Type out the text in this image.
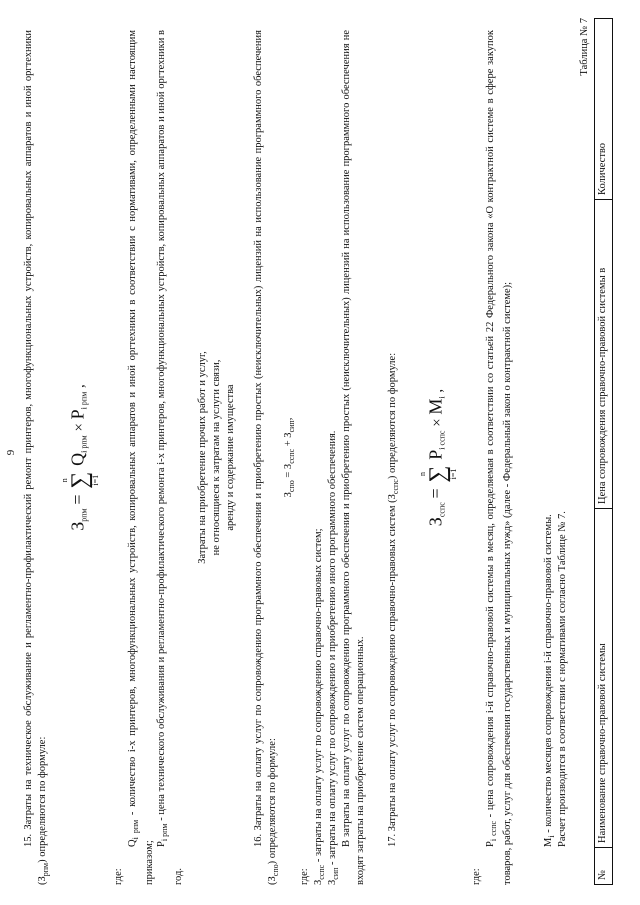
9 15. Затраты на техническое обслуживание и регламентно-профилактический ремонт принтеров, многофункциональных устройств, копировальных аппаратов и иной оргтехники $(З_{рпм})$ определяются по формуле:
$З_{рпм}$ =
n
∑
i=1
$Q_{i рпм} \times P_{i рпм}$ ,
где:
$Q_{i рпм}$ - количество i-х принтеров, многофункциональных устройств, копировальных аппаратов и иной оргтехники в соответствии с нормативами, определенными настоящим приказом; $P_{i рпм}$ - цена технического обслуживания и регламентно-профилактического ремонта i-х принтеров, многофункциональных устройств, копировальных аппаратов и иной оргтехники в год.
Затраты на приобретение прочих работ и услуг, не относящиеся к затратам на услуги связи, аренду и содержание имущества 16. Затраты на оплату услуг по сопровождению программного обеспечения и приобретению простых (неисключительных) лицензий на использование программного обеспечения $(З_{спо})$ определяются по формуле:
$З_{спо} = З_{сспс} + З_{сип}$,
где: $З_{сспс}$ - затраты на оплату услуг по сопровождению справочно-правовых систем;
$З_{сип}$ - затраты на оплату услуг по сопровождению и приобретению иного программного обеспечения. В затраты на оплату услуг по сопровождению программного обеспечения и приобретению простых (неисключительных) лицензий на использование программного обеспечения не входят затраты на приобретение систем операционных. 17. Затраты на оплату услуг по сопровождению справочно-правовых систем $(З_{сспс})$ определяются по формуле:
$З_{сспс}$ =
n
∑
i=1
$P_{i сспс} \times M_i$ ,
где:
$P_{i сспс}$ - цена сопровождения i-й справочно-правовой системы в месяц, определяемая в соответствии со статьей 22 Федерального закона «О контрактной системе в сфере закупок товаров, работ, услуг для обеспечения государственных и муниципальных нужд» (далее - Федеральный закон о контрактной системе);	$M_i$ - количество месяцев сопровождения i-й справочно-правовой системы. Расчет производится в соответствии с нормативами согласно Таблице № 7.
Таблица № 7
№	Наименование справочно-правовой системы	Цена сопровождения справочно-правовой системы в	Количество
